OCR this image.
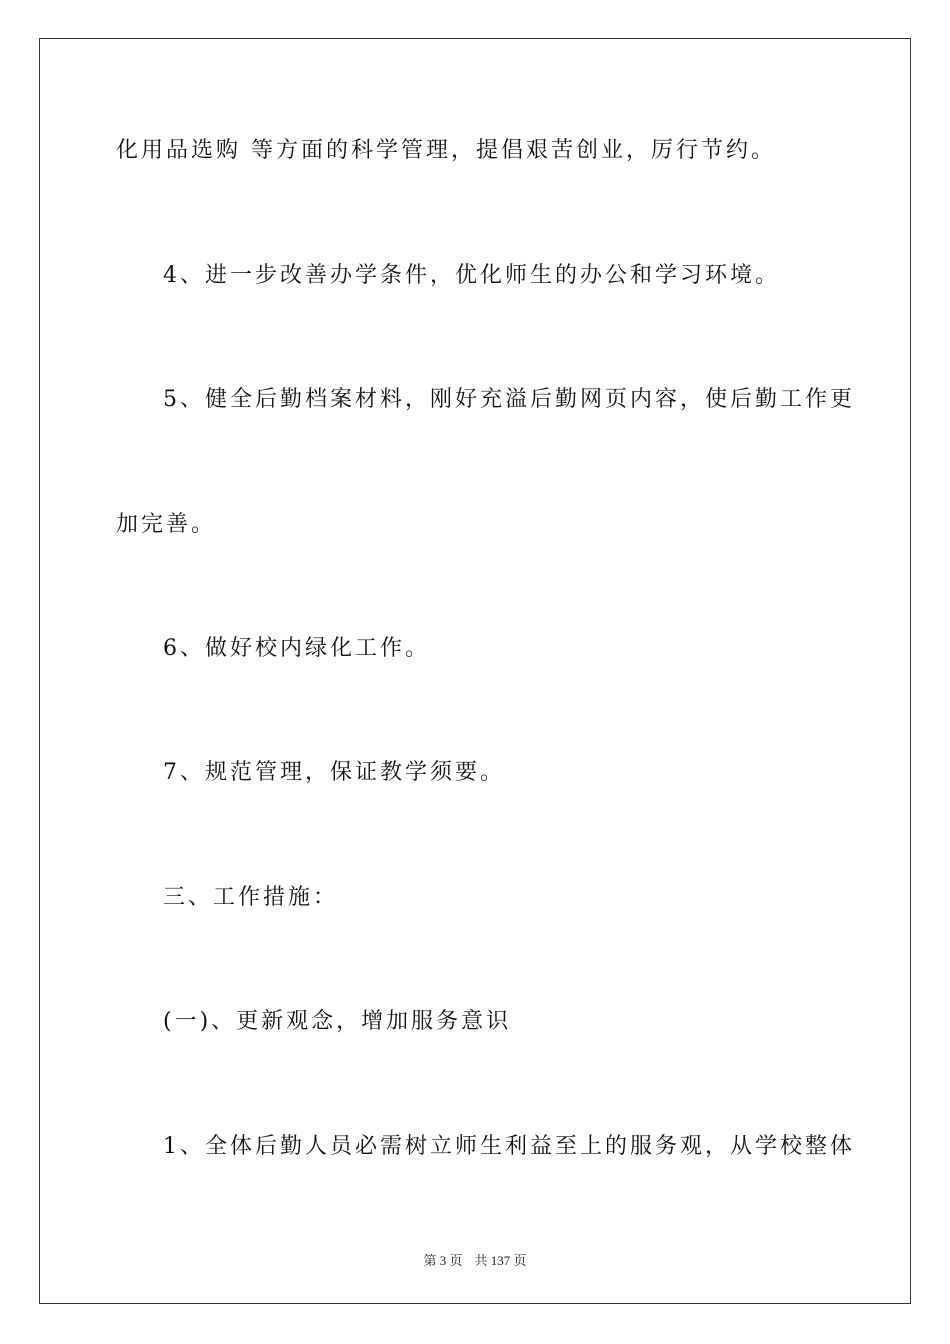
化用品选购 等方面的科学管理，提倡艰苦创业，厉行节约。
4、进一步改善办学条件，优化师生的办公和学习环境。
5、健全后勤档案材料，刚好充溢后勤网页内容，使后勤工作更
加完善。
6、做好校内绿化工作。
7、规范管理，保证教学须要。
三、工作措施：
(一)、更新观念，增加服务意识
1、全体后勤人员必需树立师生利益至上的服务观，从学校整体
第 3 页 共 137 页
